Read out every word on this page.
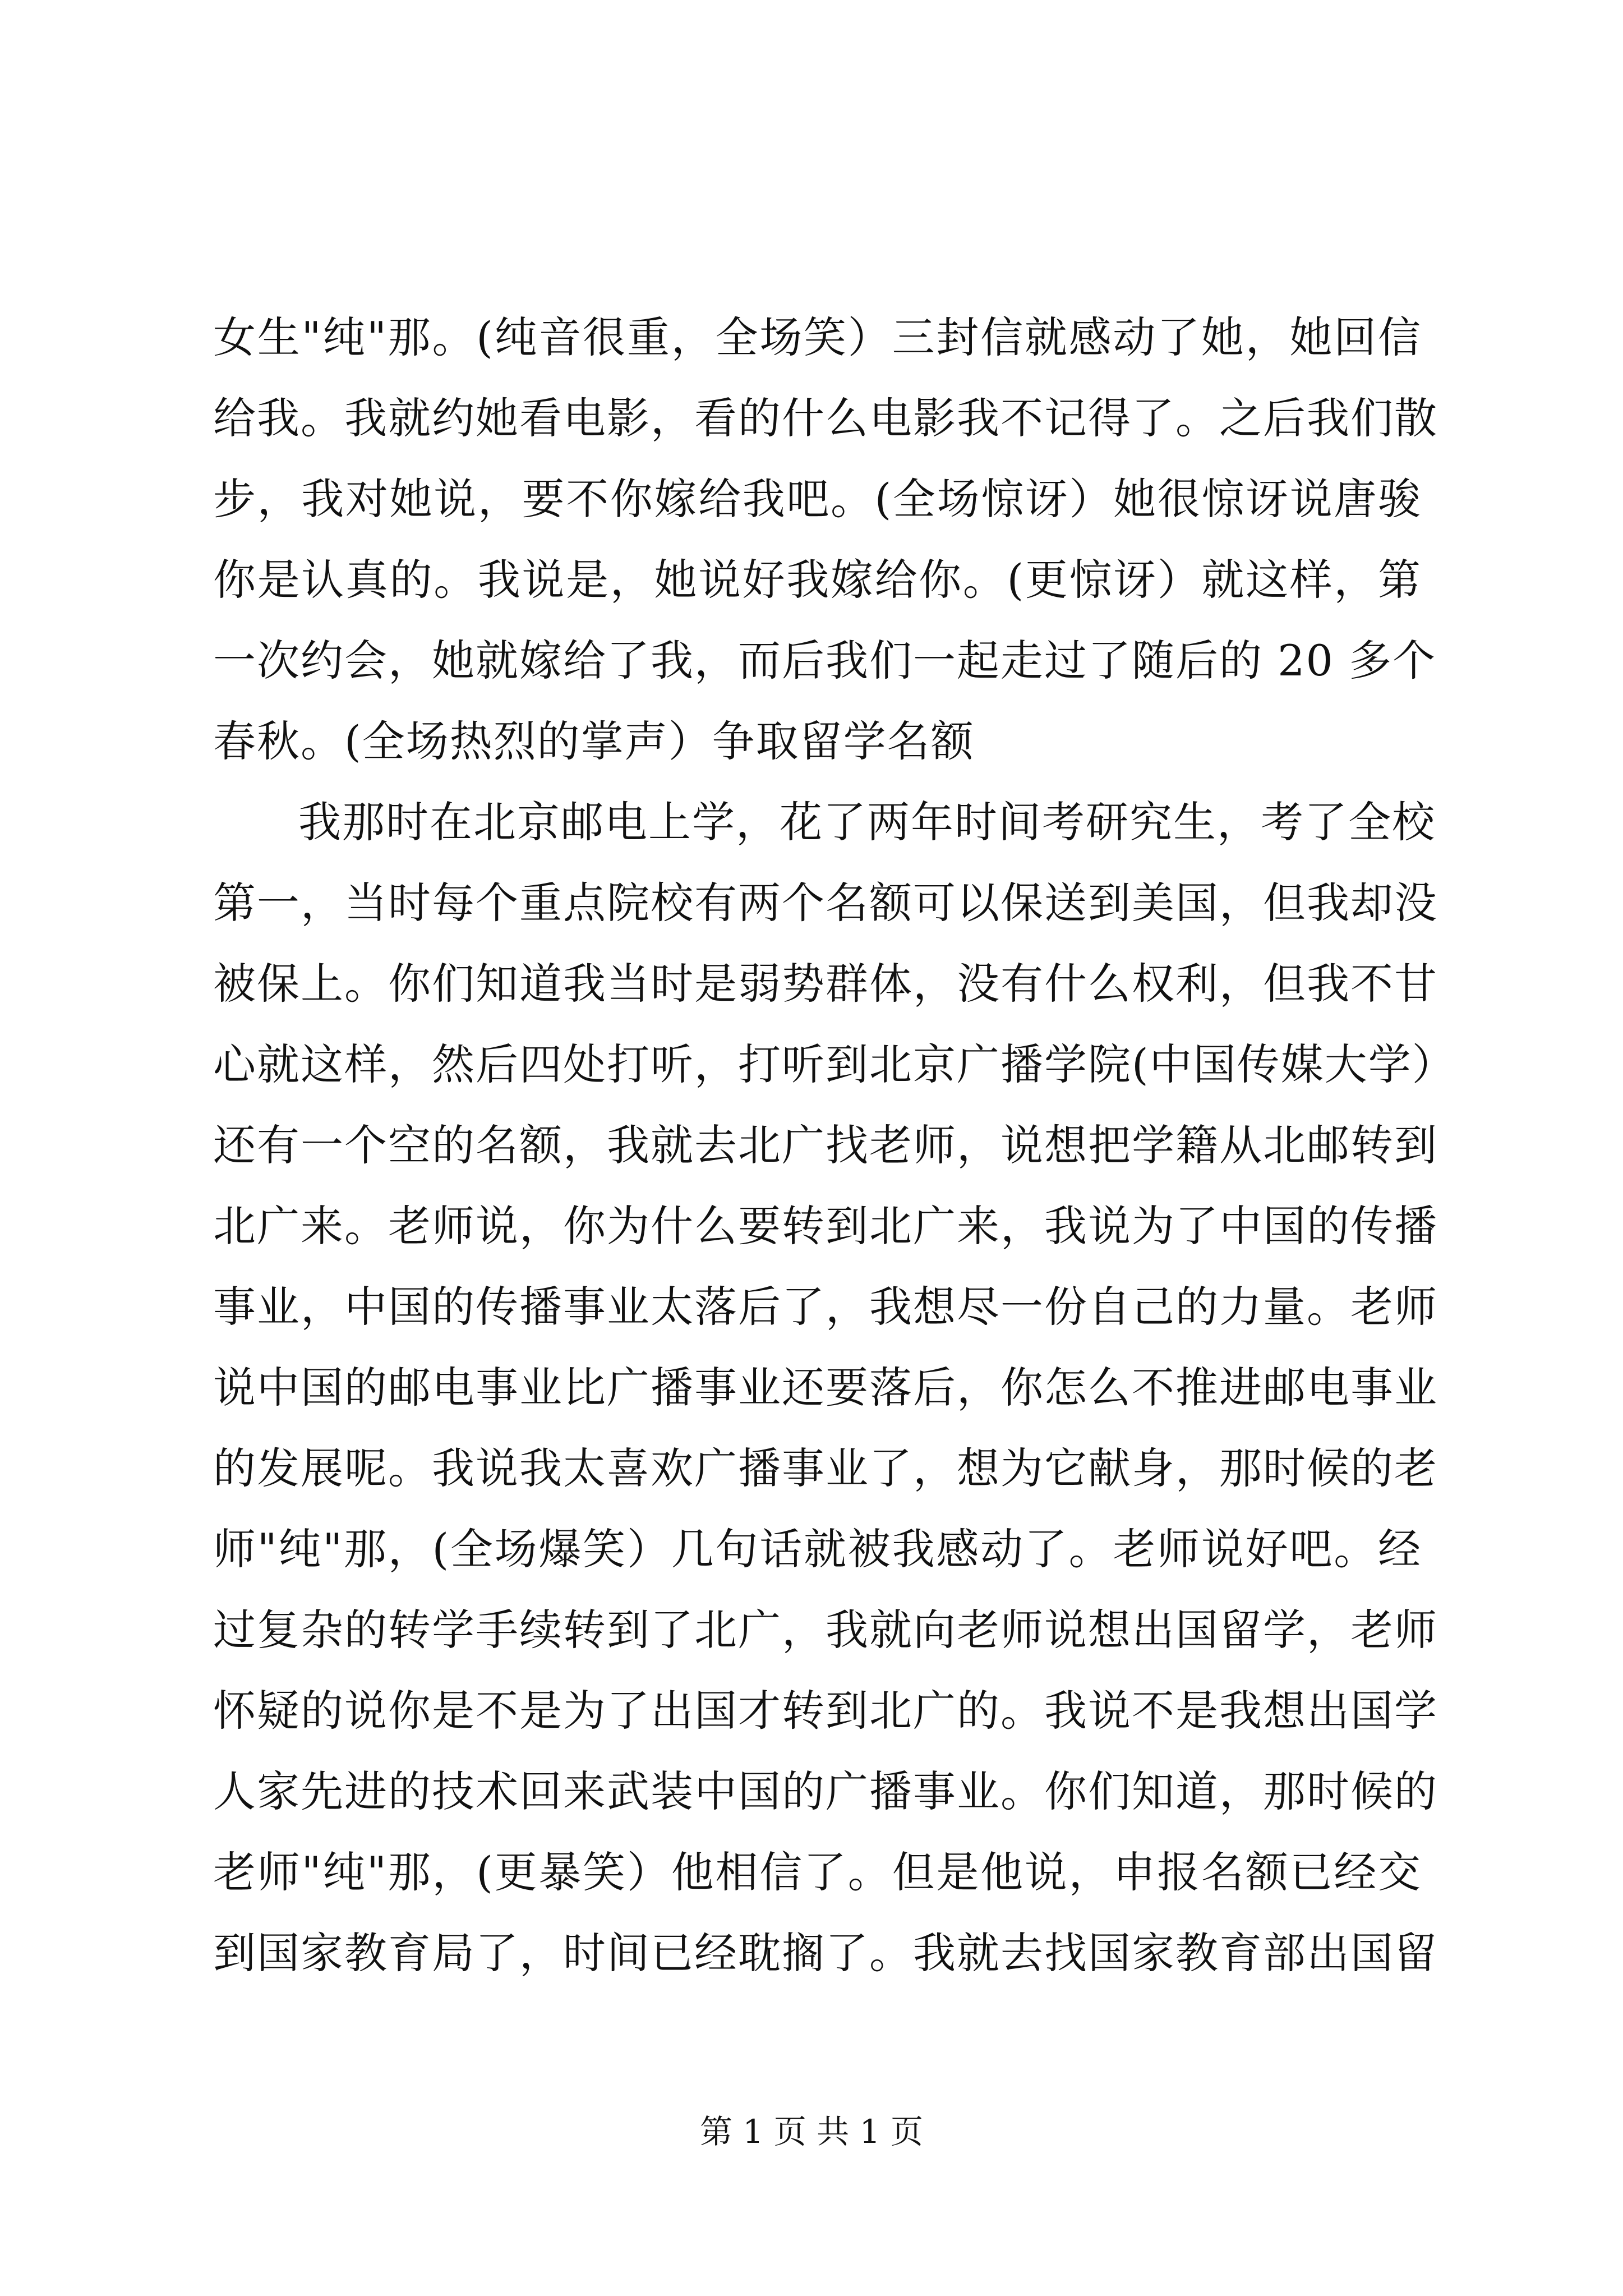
女生"纯"那。(纯音很重，全场笑）三封信就感动了她，她回信
给我。我就约她看电影，看的什么电影我不记得了。之后我们散
步，我对她说，要不你嫁给我吧。(全场惊讶）她很惊讶说唐骏
你是认真的。我说是，她说好我嫁给你。(更惊讶）就这样，第
一次约会，她就嫁给了我，而后我们一起走过了随后的 20 多个
春秋。(全场热烈的掌声）争取留学名额
我那时在北京邮电上学，花了两年时间考研究生，考了全校
第一，当时每个重点院校有两个名额可以保送到美国，但我却没
被保上。你们知道我当时是弱势群体，没有什么权利，但我不甘
心就这样，然后四处打听，打听到北京广播学院(中国传媒大学）
还有一个空的名额，我就去北广找老师，说想把学籍从北邮转到
北广来。老师说，你为什么要转到北广来，我说为了中国的传播
事业，中国的传播事业太落后了，我想尽一份自己的力量。老师
说中国的邮电事业比广播事业还要落后，你怎么不推进邮电事业
的发展呢。我说我太喜欢广播事业了，想为它献身，那时候的老
师"纯"那，(全场爆笑）几句话就被我感动了。老师说好吧。经
过复杂的转学手续转到了北广，我就向老师说想出国留学，老师
怀疑的说你是不是为了出国才转到北广的。我说不是我想出国学
人家先进的技术回来武装中国的广播事业。你们知道，那时候的
老师"纯"那，(更暴笑）他相信了。但是他说，申报名额已经交
到国家教育局了，时间已经耽搁了。我就去找国家教育部出国留
第 1 页 共 1 页
